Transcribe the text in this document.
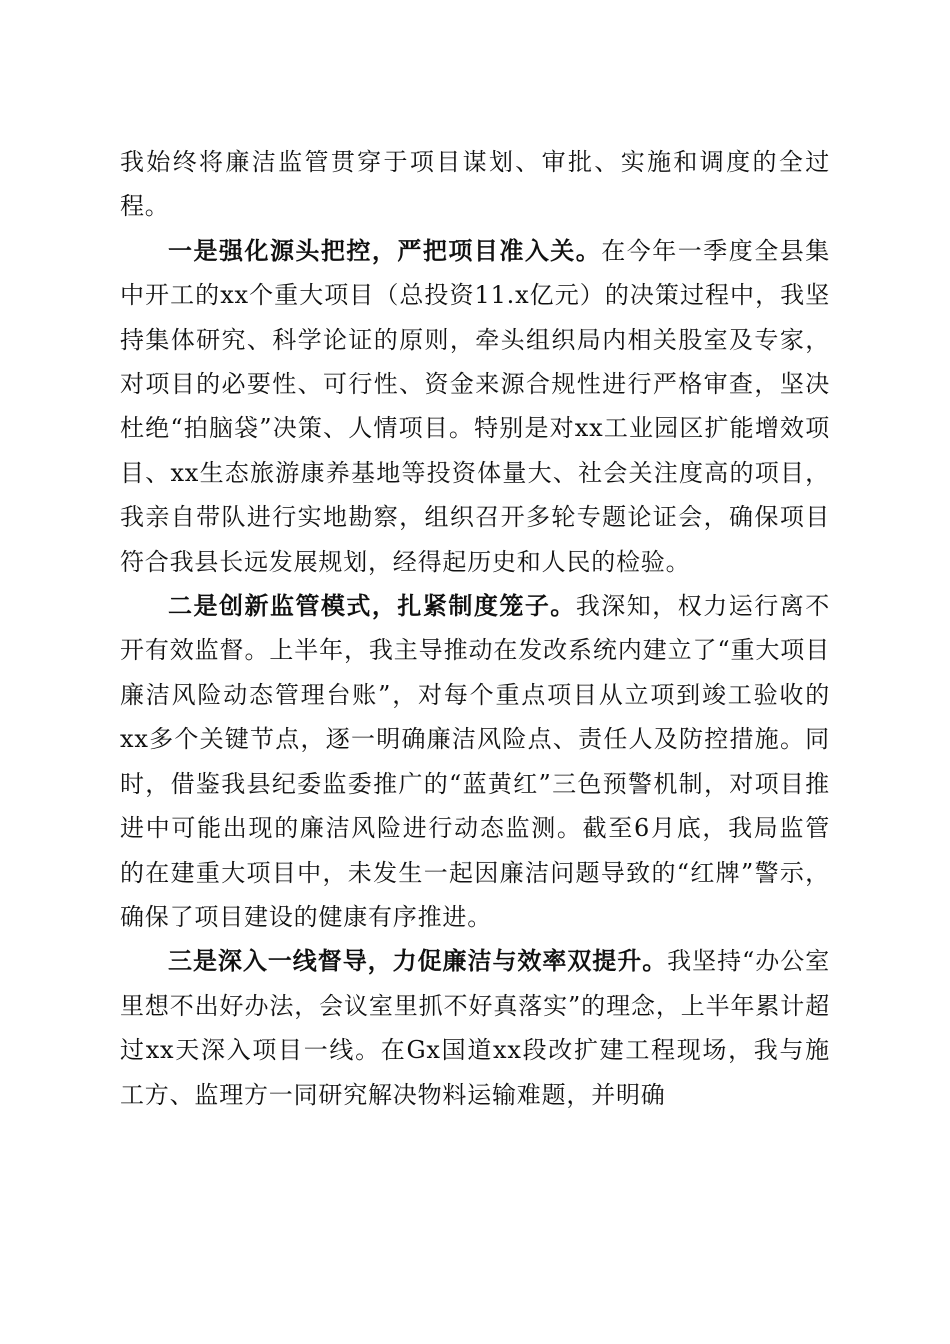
我始终将廉洁监管贯穿于项目谋划、审批、实施和调度的全过程。

一是强化源头把控，严把项目准入关。在今年一季度全县集中开工的xx个重大项目（总投资11.x亿元）的决策过程中，我坚持集体研究、科学论证的原则，牵头组织局内相关股室及专家，对项目的必要性、可行性、资金来源合规性进行严格审查，坚决杜绝“拍脑袋”决策、人情项目。特别是对xx工业园区扩能增效项目、xx生态旅游康养基地等投资体量大、社会关注度高的项目，我亲自带队进行实地勘察，组织召开多轮专题论证会，确保项目符合我县长远发展规划，经得起历史和人民的检验。

二是创新监管模式，扎紧制度笼子。我深知，权力运行离不开有效监督。上半年，我主导推动在发改系统内建立了“重大项目廉洁风险动态管理台账”，对每个重点项目从立项到竣工验收的xx多个关键节点，逐一明确廉洁风险点、责任人及防控措施。同时，借鉴我县纪委监委推广的“蓝黄红”三色预警机制，对项目推进中可能出现的廉洁风险进行动态监测。截至6月底，我局监管的在建重大项目中，未发生一起因廉洁问题导致的“红牌”警示，确保了项目建设的健康有序推进。

三是深入一线督导，力促廉洁与效率双提升。我坚持“办公室里想不出好办法，会议室里抓不好真落实”的理念，上半年累计超过xx天深入项目一线。在Gx国道xx段改扩建工程现场，我与施工方、监理方一同研究解决物料运输难题，并明确
